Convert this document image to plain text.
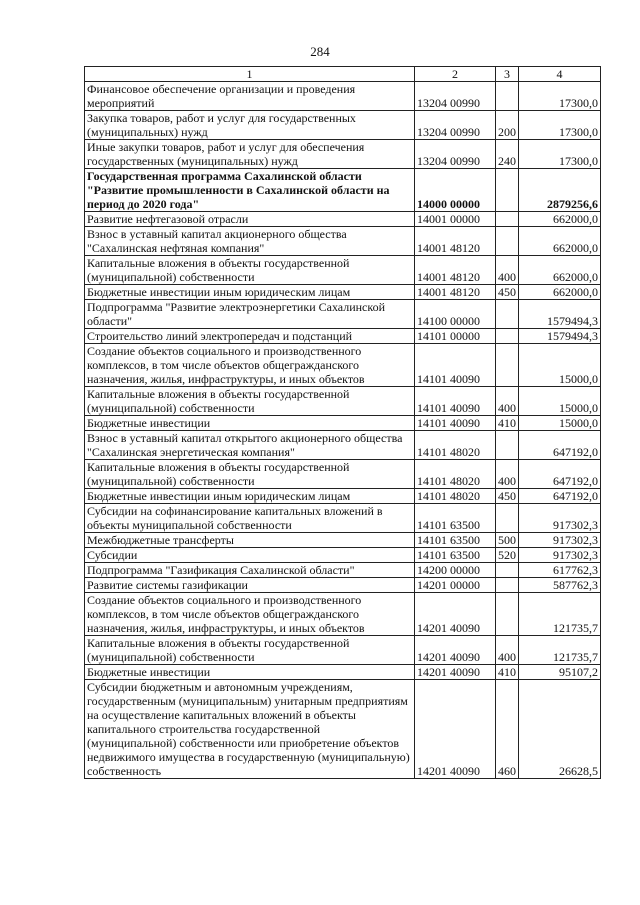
284
1	2	3	4
Финансовое обеспечение организации и проведения мероприятий	13204 00990		17300,0
Закупка товаров, работ и услуг для государственных (муниципальных) нужд	13204 00990	200	17300,0
Иные закупки товаров, работ и услуг для обеспечения государственных (муниципальных) нужд	13204 00990	240	17300,0
Государственная программа Сахалинской области "Развитие промышленности в Сахалинской области на период до 2020 года"	14000 00000		2879256,6
Развитие нефтегазовой отрасли	14001 00000		662000,0
Взнос в уставный капитал акционерного общества "Сахалинская нефтяная компания"	14001 48120		662000,0
Капитальные вложения в объекты государственной (муниципальной) собственности	14001 48120	400	662000,0
Бюджетные инвестиции иным юридическим лицам	14001 48120	450	662000,0
Подпрограмма "Развитие электроэнергетики Сахалинской области"	14100 00000		1579494,3
Строительство линий электропередач и подстанций	14101 00000		1579494,3
Создание объектов социального и производственного комплексов, в том числе объектов общегражданского назначения, жилья, инфраструктуры, и иных объектов	14101 40090		15000,0
Капитальные вложения в объекты государственной (муниципальной) собственности	14101 40090	400	15000,0
Бюджетные инвестиции	14101 40090	410	15000,0
Взнос в уставный капитал открытого акционерного общества "Сахалинская энергетическая компания"	14101 48020		647192,0
Капитальные вложения в объекты государственной (муниципальной) собственности	14101 48020	400	647192,0
Бюджетные инвестиции иным юридическим лицам	14101 48020	450	647192,0
Субсидии на софинансирование капитальных вложений в объекты муниципальной собственности	14101 63500		917302,3
Межбюджетные трансферты	14101 63500	500	917302,3
Субсидии	14101 63500	520	917302,3
Подпрограмма "Газификация Сахалинской области"	14200 00000		617762,3
Развитие системы газификации	14201 00000		587762,3
Создание объектов социального и производственного комплексов, в том числе объектов общегражданского назначения, жилья, инфраструктуры, и иных объектов	14201 40090		121735,7
Капитальные вложения в объекты государственной (муниципальной) собственности	14201 40090	400	121735,7
Бюджетные инвестиции	14201 40090	410	95107,2
Субсидии бюджетным и автономным учреждениям, государственным (муниципальным) унитарным предприятиям на осуществление капитальных вложений в объекты капитального строительства государственной (муниципальной) собственности или приобретение объектов недвижимого имущества в государственную (муниципальную) собственность	14201 40090	460	26628,5
